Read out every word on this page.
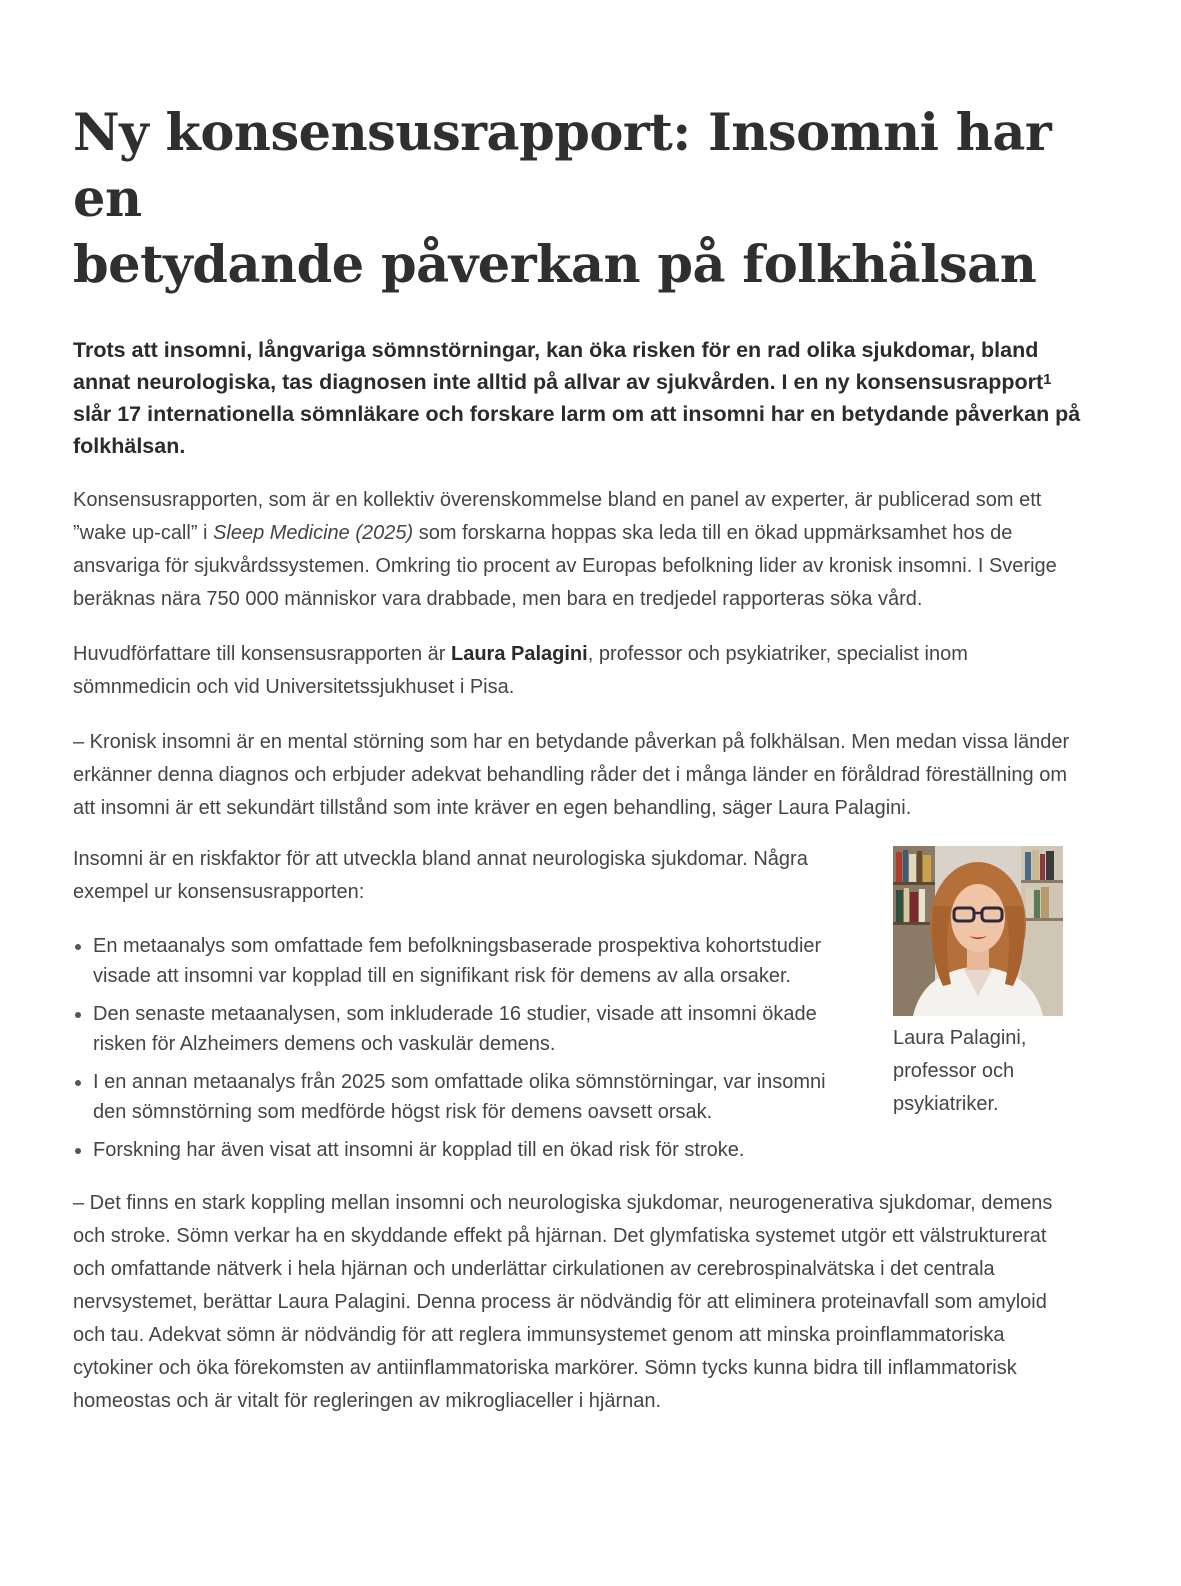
Ny konsensusrapport: Insomni har en
betydande påverkan på folkhälsan

Trots att insomni, långvariga sömnstörningar, kan öka risken för en rad olika sjukdomar, bland annat neurologiska, tas diagnosen inte alltid på allvar av sjukvården. I en ny konsensusrapport$^1$ slår 17 internationella sömnläkare och forskare larm om att insomni har en betydande påverkan på folkhälsan.

Konsensusrapporten, som är en kollektiv överenskommelse bland en panel av experter, är publicerad som ett ”wake up-call” i Sleep Medicine (2025) som forskarna hoppas ska leda till en ökad uppmärksamhet hos de ansvariga för sjukvårdssystemen. Omkring tio procent av Europas befolkning lider av kronisk insomni. I Sverige beräknas nära 750 000 människor vara drabbade, men bara en tredjedel rapporteras söka vård.

Huvudförfattare till konsensusrapporten är Laura Palagini, professor och psykiatriker, specialist inom sömnmedicin och vid Universitetssjukhuset i Pisa.

– Kronisk insomni är en mental störning som har en betydande påverkan på folkhälsan. Men medan vissa länder erkänner denna diagnos och erbjuder adekvat behandling råder det i många länder en föråldrad föreställning om att insomni är ett sekundärt tillstånd som inte kräver en egen behandling, säger Laura Palagini.

Insomni är en riskfaktor för att utveckla bland annat neurologiska sjukdomar. Några exempel ur konsensusrapporten:

En metaanalys som omfattade fem befolkningsbaserade prospektiva kohortstudier visade att insomni var kopplad till en signifikant risk för demens av alla orsaker.
Den senaste metaanalysen, som inkluderade 16 studier, visade att insomni ökade risken för Alzheimers demens och vaskulär demens.
I en annan metaanalys från 2025 som omfattade olika sömnstörningar, var insomni den sömnstörning som medförde högst risk för demens oavsett orsak.
Forskning har även visat att insomni är kopplad till en ökad risk för stroke.
Laura Palagini, professor och psykiatriker.

– Det finns en stark koppling mellan insomni och neurologiska sjukdomar, neurogenerativa sjukdomar, demens och stroke. Sömn verkar ha en skyddande effekt på hjärnan. Det glymfatiska systemet utgör ett välstrukturerat och omfattande nätverk i hela hjärnan och underlättar cirkulationen av cerebrospinalvätska i det centrala nervsystemet, berättar Laura Palagini. Denna process är nödvändig för att eliminera proteinavfall som amyloid och tau. Adekvat sömn är nödvändig för att reglera immunsystemet genom att minska proinflammatoriska cytokiner och öka förekomsten av antiinflammatoriska markörer. Sömn tycks kunna bidra till inflammatorisk homeostas och är vitalt för regleringen av mikrogliaceller i hjärnan.
